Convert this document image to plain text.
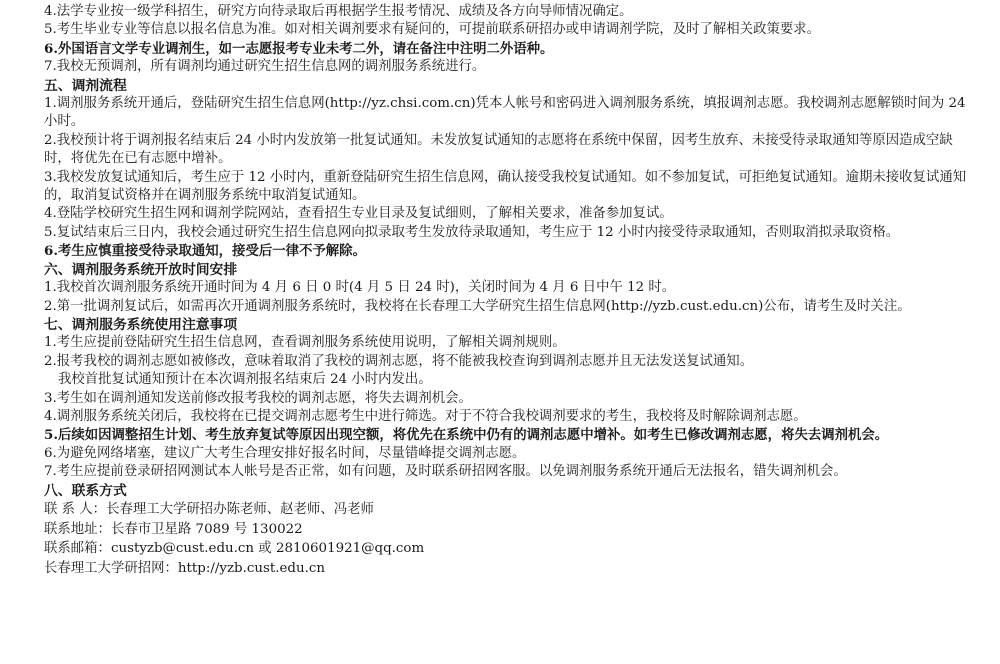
4.法学专业按一级学科招生，研究方向待录取后再根据学生报考情况、成绩及各方向导师情况确定。
5.考生毕业专业等信息以报名信息为准。如对相关调剂要求有疑问的，可提前联系研招办或申请调剂学院，及时了解相关政策要求。
6.外国语言文学专业调剂生，如一志愿报考专业未考二外，请在备注中注明二外语种。
7.我校无预调剂，所有调剂均通过研究生招生信息网的调剂服务系统进行。
五、调剂流程
1.调剂服务系统开通后，登陆研究生招生信息网(http://yz.chsi.com.cn)凭本人帐号和密码进入调剂服务系统，填报调剂志愿。我校调剂志愿解锁时间为 24 小时。
2.我校预计将于调剂报名结束后 24 小时内发放第一批复试通知。未发放复试通知的志愿将在系统中保留，因考生放弃、未接受待录取通知等原因造成空缺时，将优先在已有志愿中增补。
3.我校发放复试通知后，考生应于 12 小时内，重新登陆研究生招生信息网，确认接受我校复试通知。如不参加复试，可拒绝复试通知。逾期未接收复试通知的，取消复试资格并在调剂服务系统中取消复试通知。
4.登陆学校研究生招生网和调剂学院网站，查看招生专业目录及复试细则，了解相关要求，准备参加复试。
5.复试结束后三日内，我校会通过研究生招生信息网向拟录取考生发放待录取通知，考生应于 12 小时内接受待录取通知，否则取消拟录取资格。
6.考生应慎重接受待录取通知，接受后一律不予解除。
六、调剂服务系统开放时间安排
1.我校首次调剂服务系统开通时间为 4 月 6 日 0 时(4 月 5 日 24 时)，关闭时间为 4 月 6 日中午 12 时。
2.第一批调剂复试后，如需再次开通调剂服务系统时，我校将在长春理工大学研究生招生信息网(http://yzb.cust.edu.cn)公布，请考生及时关注。
七、调剂服务系统使用注意事项
1.考生应提前登陆研究生招生信息网，查看调剂服务系统使用说明，了解相关调剂规则。
2.报考我校的调剂志愿如被修改，意味着取消了我校的调剂志愿，将不能被我校查询到调剂志愿并且无法发送复试通知。
我校首批复试通知预计在本次调剂报名结束后 24 小时内发出。
3.考生如在调剂通知发送前修改报考我校的调剂志愿，将失去调剂机会。
4.调剂服务系统关闭后，我校将在已提交调剂志愿考生中进行筛选。对于不符合我校调剂要求的考生，我校将及时解除调剂志愿。
5.后续如因调整招生计划、考生放弃复试等原因出现空额，将优先在系统中仍有的调剂志愿中增补。如考生已修改调剂志愿，将失去调剂机会。
6.为避免网络堵塞，建议广大考生合理安排好报名时间，尽量错峰提交调剂志愿。
7.考生应提前登录研招网测试本人帐号是否正常，如有问题，及时联系研招网客服。以免调剂服务系统开通后无法报名，错失调剂机会。
八、联系方式
联 系 人：长春理工大学研招办陈老师、赵老师、冯老师
联系地址：长春市卫星路 7089 号 130022
联系邮箱：custyzb@cust.edu.cn 或 2810601921@qq.com
长春理工大学研招网：http://yzb.cust.edu.cn
